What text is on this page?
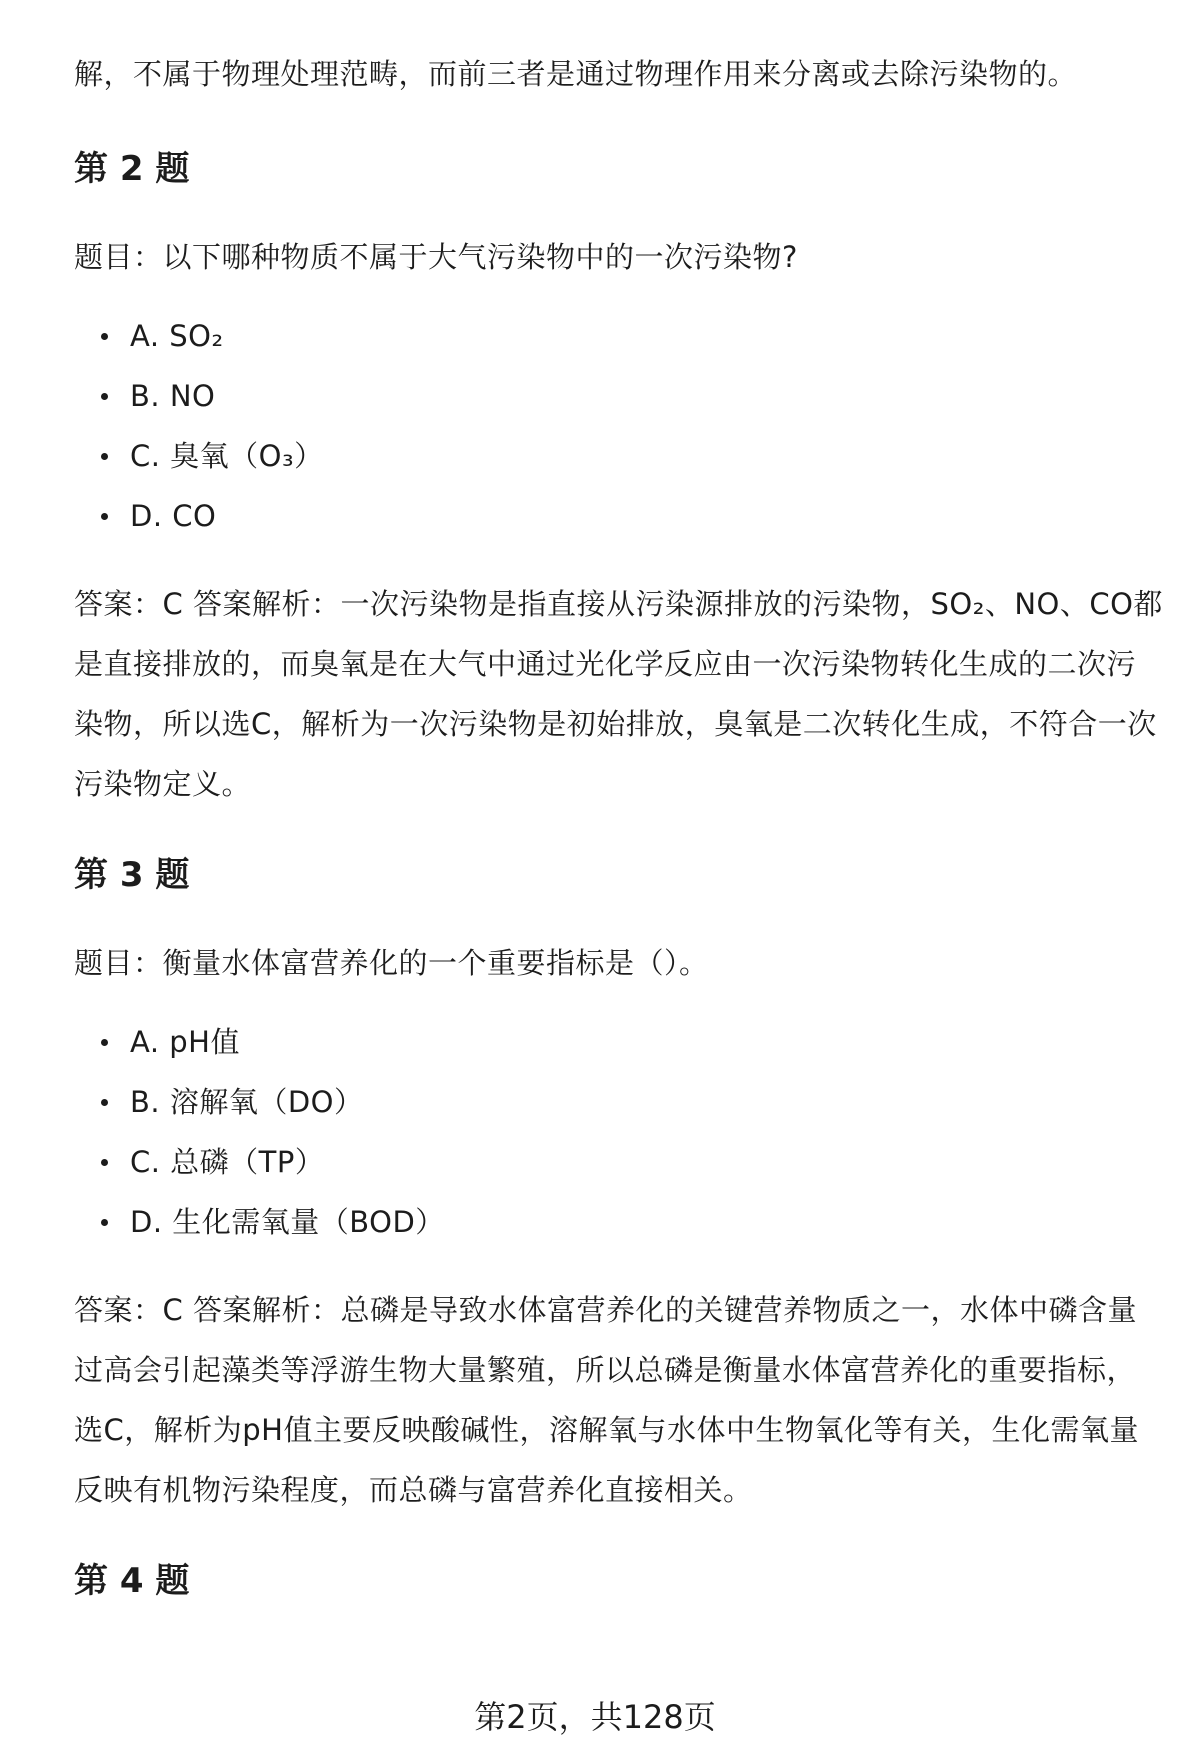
解，不属于物理处理范畴，而前三者是通过物理作用来分离或去除污染物的。

第 2 题

题目：以下哪种物质不属于大气污染物中的一次污染物?

A. SO₂
B. NO
C. 臭氧（O₃）
D. CO

答案：C 答案解析：一次污染物是指直接从污染源排放的污染物，SO₂、NO、CO都是直接排放的，而臭氧是在大气中通过光化学反应由一次污染物转化生成的二次污染物，所以选C，解析为一次污染物是初始排放，臭氧是二次转化生成，不符合一次污染物定义。

第 3 题

题目：衡量水体富营养化的一个重要指标是（）。

A. pH值
B. 溶解氧（DO）
C. 总磷（TP）
D. 生化需氧量（BOD）

答案：C 答案解析：总磷是导致水体富营养化的关键营养物质之一，水体中磷含量过高会引起藻类等浮游生物大量繁殖，所以总磷是衡量水体富营养化的重要指标，选C，解析为pH值主要反映酸碱性，溶解氧与水体中生物氧化等有关，生化需氧量反映有机物污染程度，而总磷与富营养化直接相关。

第 4 题
第2页，共128页
